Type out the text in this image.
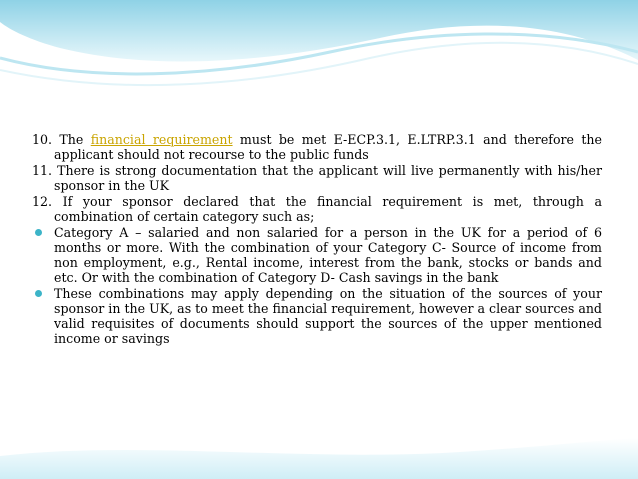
10. The financial requirement must be met E-ECP.3.1, E.LTRP.3.1 and therefore the applicant should not recourse to the public funds
11. There is strong documentation that the applicant will live permanently with his/her sponsor in the UK
12. If your sponsor declared that the financial requirement is met, through a combination of certain category such as;
Category A – salaried and non salaried for a person in the UK for a period of 6 months or more. With the combination of your Category C- Source of income from non employment, e.g., Rental income, interest from the bank, stocks or bands and etc. Or with the combination of Category D- Cash savings in the bank
These combinations may apply depending on the situation of the sources of your sponsor in the UK, as to meet the financial requirement, however a clear sources and valid requisites of documents should support the sources of the upper mentioned income or savings
